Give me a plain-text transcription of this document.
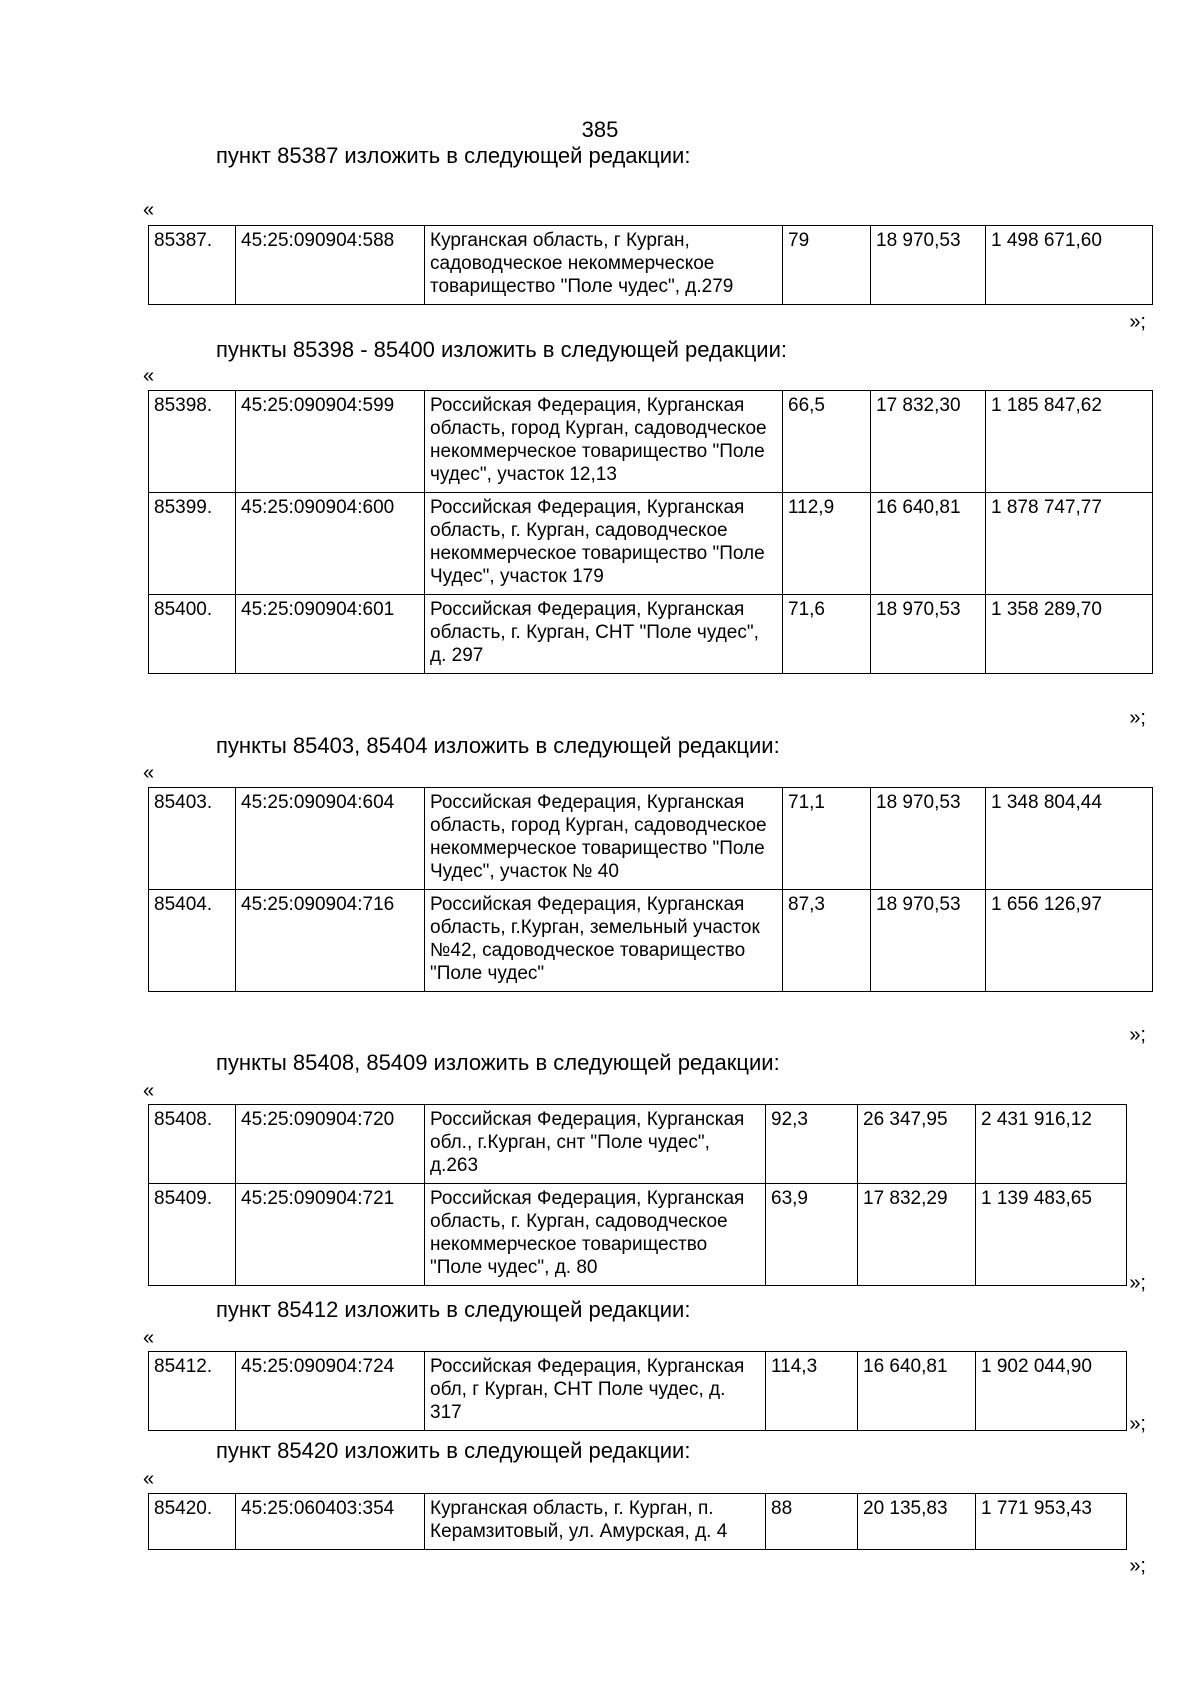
385
пункт 85387 изложить в следующей редакции:
«
85387.	45:25:090904:588	Курганская область, г Курган, садоводческое некоммерческое товарищество "Поле чудес", д.279	79	18 970,53	1 498 671,60
»;
пункты 85398 - 85400 изложить в следующей редакции:
«
85398.	45:25:090904:599	Российская Федерация, Курганская область, город Курган, садоводческое некоммерческое товарищество "Поле чудес", участок 12,13	66,5	17 832,30	1 185 847,62
85399.	45:25:090904:600	Российская Федерация, Курганская область, г. Курган, садоводческое некоммерческое товарищество "Поле Чудес", участок 179	112,9	16 640,81	1 878 747,77
85400.	45:25:090904:601	Российская Федерация, Курганская область, г. Курган, СНТ "Поле чудес", д. 297	71,6	18 970,53	1 358 289,70
»;
пункты 85403, 85404 изложить в следующей редакции:
«
85403.	45:25:090904:604	Российская Федерация, Курганская область, город Курган, садоводческое некоммерческое товарищество "Поле Чудес", участок № 40	71,1	18 970,53	1 348 804,44
85404.	45:25:090904:716	Российская Федерация, Курганская область, г.Курган, земельный участок №42, садоводческое товарищество "Поле чудес"	87,3	18 970,53	1 656 126,97
»;
пункты 85408, 85409 изложить в следующей редакции:
«
85408.	45:25:090904:720	Российская Федерация, Курганская обл., г.Курган, снт "Поле чудес", д.263	92,3	26 347,95	2 431 916,12
85409.	45:25:090904:721	Российская Федерация, Курганская область, г. Курган, садоводческое некоммерческое товарищество "Поле чудес", д. 80	63,9	17 832,29	1 139 483,65
»;
пункт 85412 изложить в следующей редакции:
«
85412.	45:25:090904:724	Российская Федерация, Курганская обл, г Курган, СНТ Поле чудес, д. 317	114,3	16 640,81	1 902 044,90
»;
пункт 85420 изложить в следующей редакции:
«
85420.	45:25:060403:354	Курганская область, г. Курган, п. Керамзитовый, ул. Амурская, д. 4	88	20 135,83	1 771 953,43
»;
